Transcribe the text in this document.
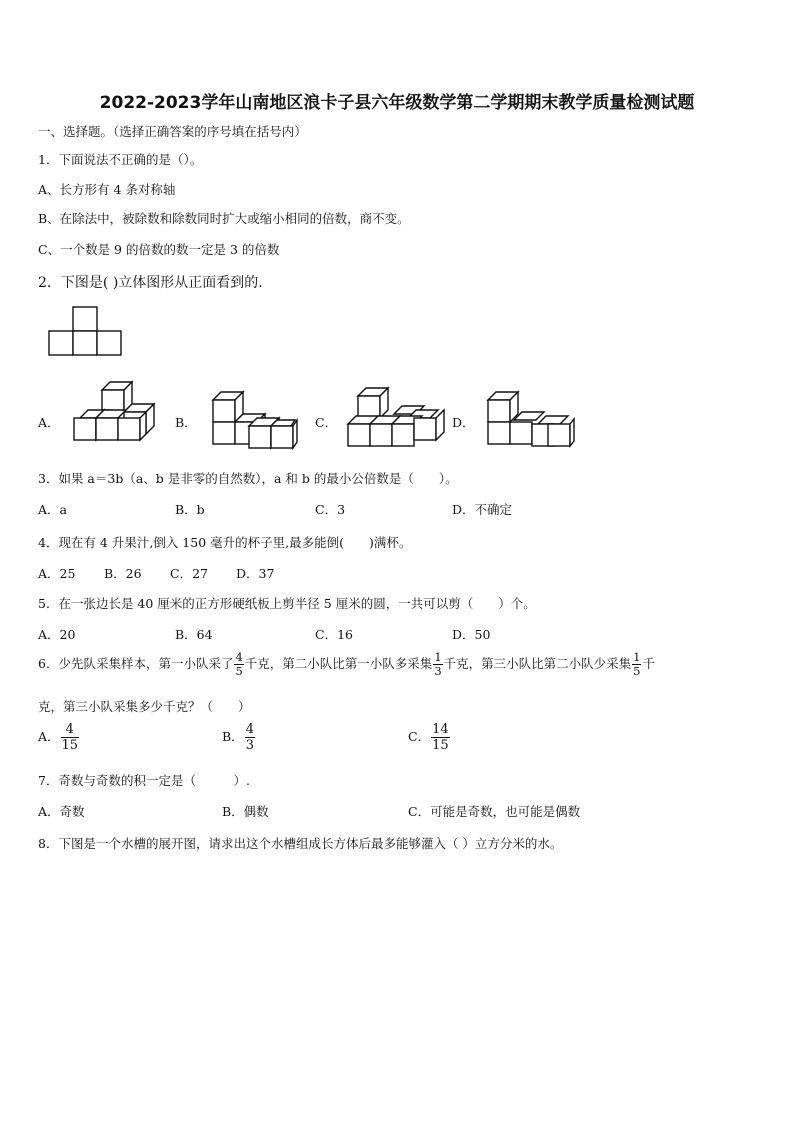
2022-2023学年山南地区浪卡子县六年级数学第二学期期末教学质量检测试题
一、选择题。（选择正确答案的序号填在括号内）
1．下面说法不正确的是（）。
A、长方形有 4 条对称轴
B、在除法中，被除数和除数同时扩大或缩小相同的倍数，商不变。
C、一个数是 9 的倍数的数一定是 3 的倍数
2．下图是( )立体图形从正面看到的．
A．	B．	C．	D．
3．如果 a＝3b（a、b 是非零的自然数），a 和 b 的最小公倍数是（　　）。
A．a	B．b	C．3	D．不确定
4．现在有 4 升果汁,倒入 150 毫升的杯子里,最多能倒(　　)满杯。
A．25 B．26 C．27 D．37
5．在一张边长是 40 厘米的正方形硬纸板上剪半径 5 厘米的圆，一共可以剪（　　）个。
A．20	B．64	C．16	D．50
6．少先队采集样本，第一小队采了 $\frac{4}{5}$ 千克，第二小队比第一小队多采集 $\frac{1}{3}$ 千克，第三小队比第二小队少采集 $\frac{1}{5}$ 千
克，第三小队采集多少千克？（　　）
A． $\frac{4}{15}$	B． $\frac{4}{3}$	C． $\frac{14}{15}$
7．奇数与奇数的积一定是（　　　）.
A．奇数	B．偶数	C．可能是奇数，也可能是偶数
8．下图是一个水槽的展开图，请求出这个水槽组成长方体后最多能够灌入（ ）立方分米的水。
